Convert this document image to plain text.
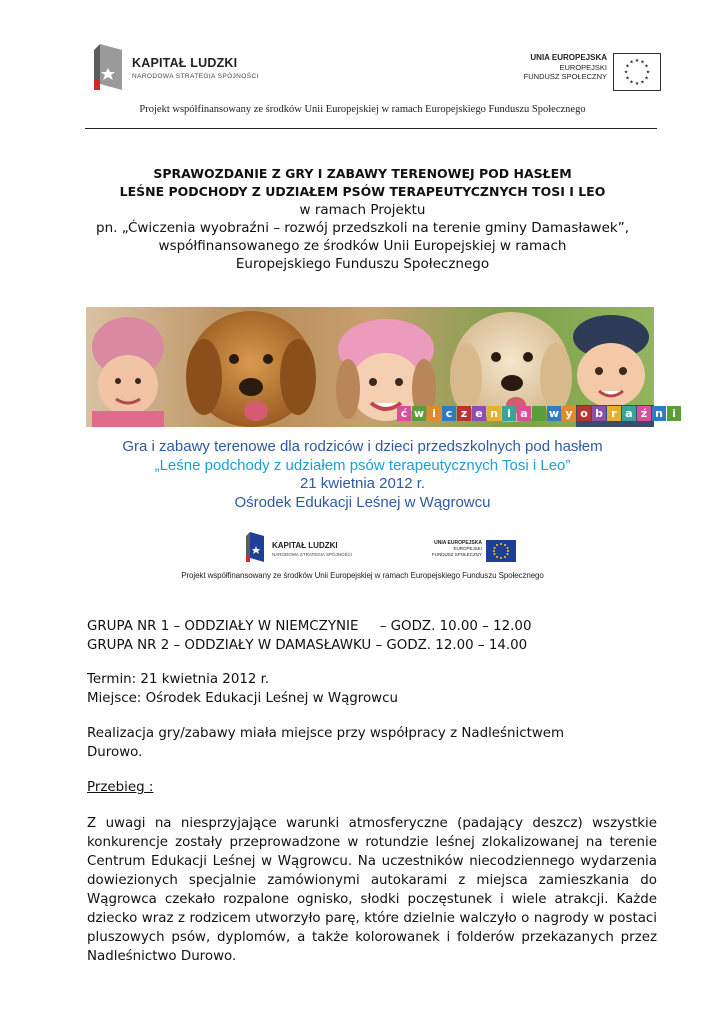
KAPITAŁ LUDZKI
NARODOWA STRATEGIA SPÓJNOŚCI
UNIA EUROPEJSKA
EUROPEJSKI
FUNDUSZ SPOŁECZNY
★ ★
★
★
★
★
★
★
★
★
★
★
Projekt współfinansowany ze środków Unii Europejskiej w ramach Europejskiego Funduszu Społecznego
SPRAWOZDANIE Z GRY I ZABAWY TERENOWEJ POD HASŁEM
LEŚNE PODCHODY Z UDZIAŁEM PSÓW TERAPEUTYCZNYCH TOSI I LEO
w ramach Projektu
pn. „Ćwiczenia wyobraźni – rozwój przedszkoli na terenie gminy Damasławek”,
współfinansowanego ze środków Unii Europejskiej w ramach
Europejskiego Funduszu Społecznego
ć w i c z e n i a w y o b r a ź n i
Gra i zabawy terenowe dla rodziców i dzieci przedszkolnych pod hasłem
„Leśne podchody z udziałem psów terapeutycznych Tosi i Leo”
21 kwietnia 2012 r.
Ośrodek Edukacji Leśnej w Wągrowcu
KAPITAŁ LUDZKI
NARODOWA STRATEGIA SPÓJNOŚCI
UNIA EUROPEJSKA
EUROPEJSKI
FUNDUSZ SPOŁECZNY
Projekt współfinansowany ze środków Unii Europejskiej w ramach Europejskiego Funduszu Społecznego
GRUPA NR 1 – ODDZIAŁY W NIEMCZYNIE     – GODZ. 10.00 – 12.00
GRUPA NR 2 – ODDZIAŁY W DAMASŁAWKU – GODZ. 12.00 – 14.00
Termin: 21 kwietnia 2012 r.
Miejsce: Ośrodek Edukacji Leśnej w Wągrowcu
Realizacja gry/zabawy miała miejsce przy współpracy z Nadleśnictwem
Durowo.
Przebieg :
Z uwagi na niesprzyjające warunki atmosferyczne (padający deszcz) wszystkie konkurencje zostały przeprowadzone w rotundzie leśnej zlokalizowanej na terenie Centrum Edukacji Leśnej w Wągrowcu. Na uczestników niecodziennego wydarzenia dowiezionych specjalnie zamówionymi autokarami z miejsca zamieszkania do Wągrowca czekało rozpalone ognisko, słodki poczęstunek i wiele atrakcji. Każde dziecko wraz z rodzicem utworzyło parę, które dzielnie walczyło o nagrody w postaci pluszowych psów, dyplomów, a także kolorowanek i folderów przekazanych przez Nadleśnictwo Durowo.
